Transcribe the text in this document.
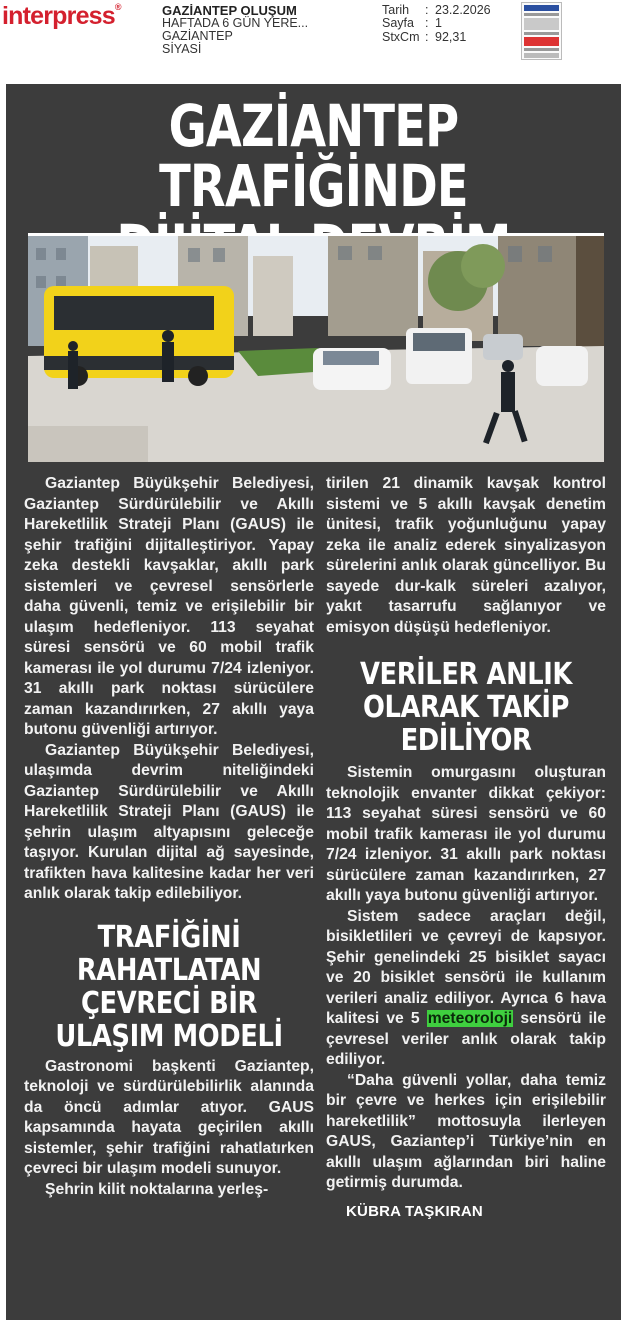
interpress®	GAZİANTEP OLUŞUM
HAFTADA 6 GÜN YERE...
GAZİANTEP
SİYASİ
Tarih	: 23.2.2026
Sayfa : 1
StxCm : 92,31
GAZİANTEP TRAFİĞİNDE

Gaziantep Büyükşehir Belediyesi, Gaziantep Sürdürülebilir ve Akıllı Hareketlilik Strateji Planı (GAUS) ile şehir trafiğini dijitalleştiriyor. Yapay zeka destekli kavşaklar, akıllı park sistemleri ve çevresel sensörlerle daha güvenli, temiz ve erişilebilir bir ulaşım hedefleniyor. 113 seyahat süresi sensörü ve 60 mobil trafik kamerası ile yol durumu 7/24 izleniyor. 31 akıllı park noktası sürücülere zaman kazandırırken, 27 akıllı yaya butonu güvenliği artırıyor.

Gaziantep Büyükşehir Belediyesi, ulaşımda devrim niteliğindeki Gaziantep Sürdürülebilir ve Akıllı Hareketlilik Strateji Planı (GAUS) ile şehrin ulaşım altyapısını geleceğe taşıyor. Kurulan dijital ağ sayesinde, trafikten hava kalitesine kadar her veri anlık olarak takip edilebiliyor.

TRAFİĞİNİ RAHATLATAN ÇEVRECİ BİR ULAŞIM MODELİ

Gastronomi başkenti Gaziantep, teknoloji ve sürdürülebilirlik alanında da öncü adımlar atıyor. GAUS kapsamında hayata geçirilen akıllı sistemler, şehir trafiğini rahatlatırken çevreci bir ulaşım modeli sunuyor.

Şehrin kilit noktalarına yerleş-

tirilen 21 dinamik kavşak kontrol sistemi ve 5 akıllı kavşak denetim ünitesi, trafik yoğunluğunu yapay zeka ile analiz ederek sinyalizasyon sürelerini anlık olarak güncelliyor. Bu sayede dur-kalk süreleri azalıyor, yakıt tasarrufu sağlanıyor ve emisyon düşüşü hedefleniyor.

VERİLER ANLIK OLARAK TAKİP EDİLİYOR

Sistemin omurgasını oluşturan teknolojik envanter dikkat çekiyor: 113 seyahat süresi sensörü ve 60 mobil trafik kamerası ile yol durumu 7/24 izleniyor. 31 akıllı park noktası sürücülere zaman kazandırırken, 27 akıllı yaya butonu güvenliği artırıyor.

Sistem sadece araçları değil, bisikletlileri ve çevreyi de kapsıyor. Şehir genelindeki 25 bisiklet sayacı ve 20 bisiklet sensörü ile kullanım verileri analiz ediliyor. Ayrıca 6 hava kalitesi ve 5 meteoroloji sensörü ile çevresel veriler anlık olarak takip ediliyor.

“Daha güvenli yollar, daha temiz bir çevre ve herkes için erişilebilir hareketlilik” mottosuyla ilerleyen GAUS, Gaziantep’i Türkiye’nin en akıllı ulaşım ağlarından biri haline getirmiş durumda.

KÜBRA TAŞKIRAN
